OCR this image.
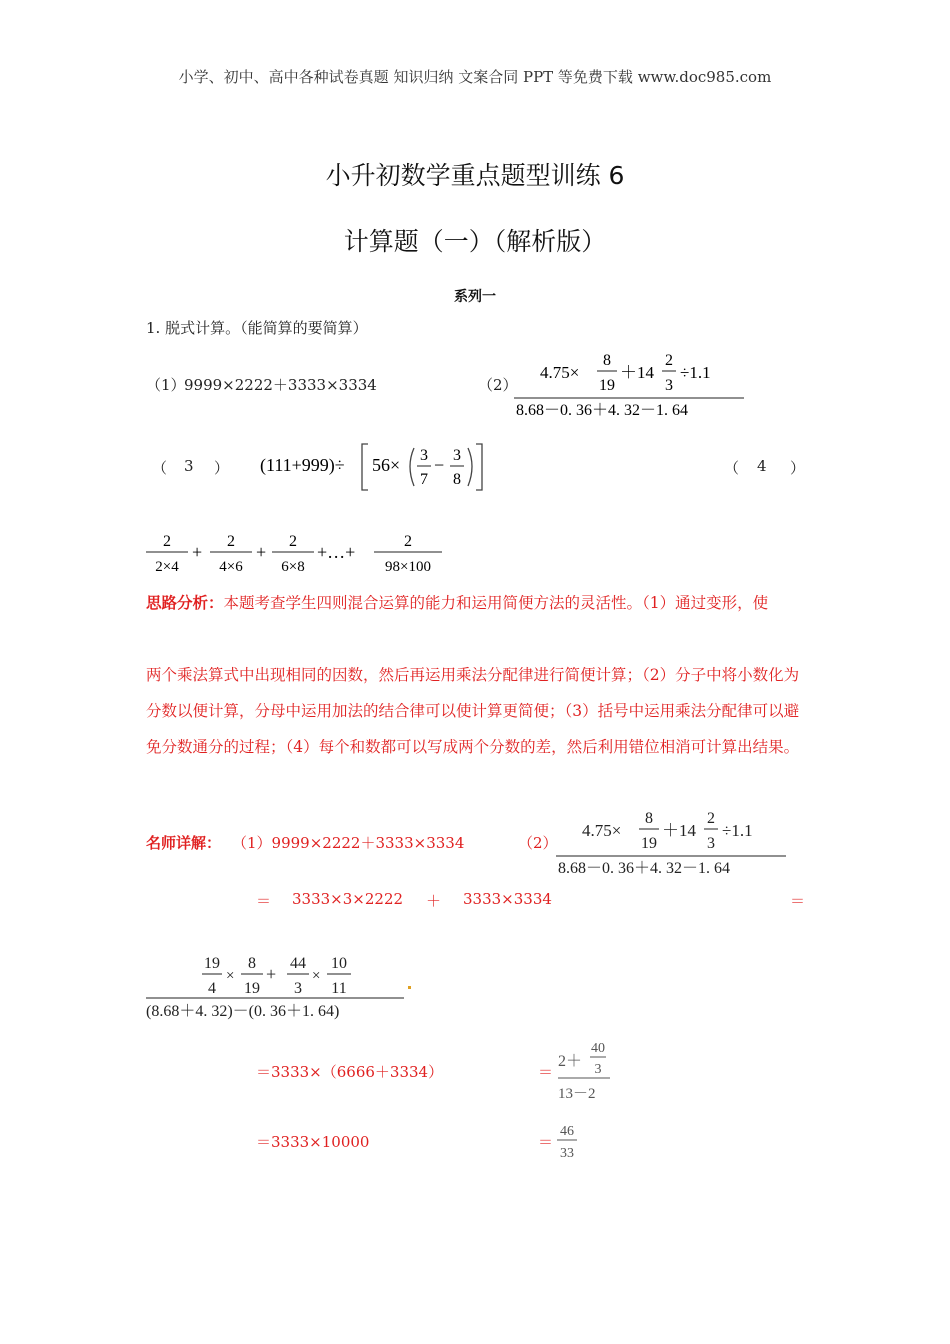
小学、初中、高中各种试卷真题 知识归纳 文案合同 PPT 等免费下载 www.doc985.com
小升初数学重点题型训练 6
计算题（一）（解析版）
系列一
1. 脱式计算。（能简算的要简算）
（1）
9999×2222＋3333×3334	（2）
4.75×
8
19
＋14
2
3
÷1.1
8.68－0. 36＋4. 32－1. 64
（ 3 ） (111+999)÷ 56× 3
7
− 3
8
（ 4 ）
2
2×4
+
2
4×6
+
2
6×8
+…+
2
98×100
思路分析：本题考查学生四则混合运算的能力和运用简便方法的灵活性。（1）通过变形，使
两个乘法算式中出现相同的因数，然后再运用乘法分配律进行简便计算；（2）分子中将小数化为分数以便计算，分母中运用加法的结合律可以使计算更简便；（3）括号中运用乘法分配律可以避免分数通分的过程；（4）每个和数都可以写成两个分数的差，然后利用错位相消可计算出结果。
名师详解： （1）9999×2222＋3333×3334	（2）
4.75×
8
19
＋14
2
3
÷1.1
8.68－0. 36＋4. 32－1. 64
＝ 3333×3×2222 ＋ 3333×3334	＝
19
4
×
8
19
+
44
3
×
10
11
(8.68＋4. 32)－(0. 36＋1. 64)
＝3333×（6666＋3334）	＝
2＋
40
3
13－2
＝3333×10000	＝
46
33
